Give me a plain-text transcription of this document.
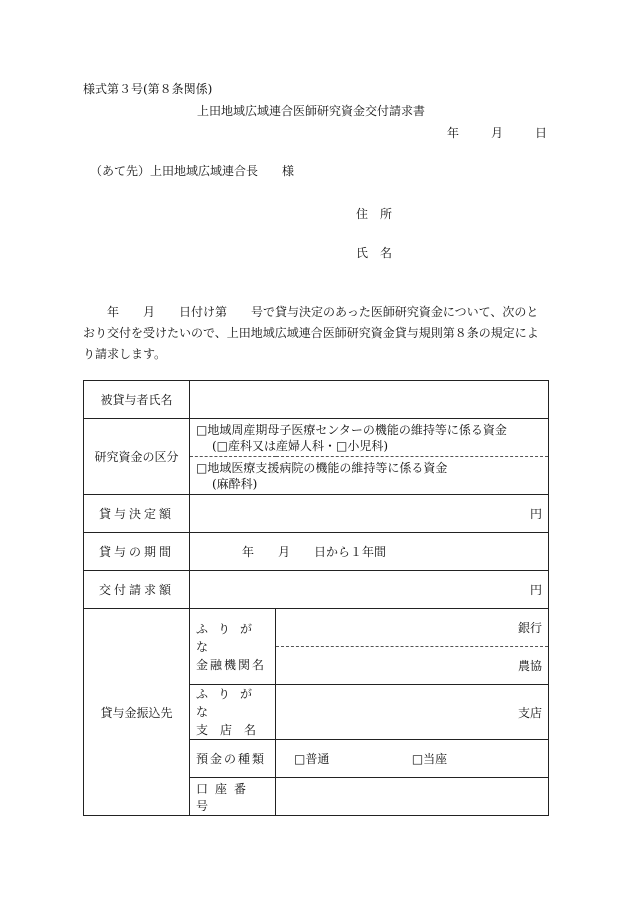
様式第３号(第８条関係)
上田地域広域連合医師研究資金交付請求書
年	月	日
（あて先）上田地域広域連合長　　様
住　所
氏　名
　　年　　月　　日付け第　　号で貸与決定のあった医師研究資金について、次のとおり交付を受けたいので、上田地域広域連合医師研究資金貸与規則第８条の規定により請求します。
被貸与者氏名		
研究資金の区分	□地域周産期母子医療センターの機能の維持等に係る資金
(□産科又は産婦人科・□小児科)	

	□地域医療支援病院の機能の維持等に係る資金
(麻酔科)	

貸与決定額	円	
貸与の期間	年　　月　　日から１年間	
交付請求額	円	
貸与金振込先	ふりがな
金融機関名	銀行
		農協

	ふりがな
支　店　名	支店
	預金の種類	□普通 □当座
	口座番号	
